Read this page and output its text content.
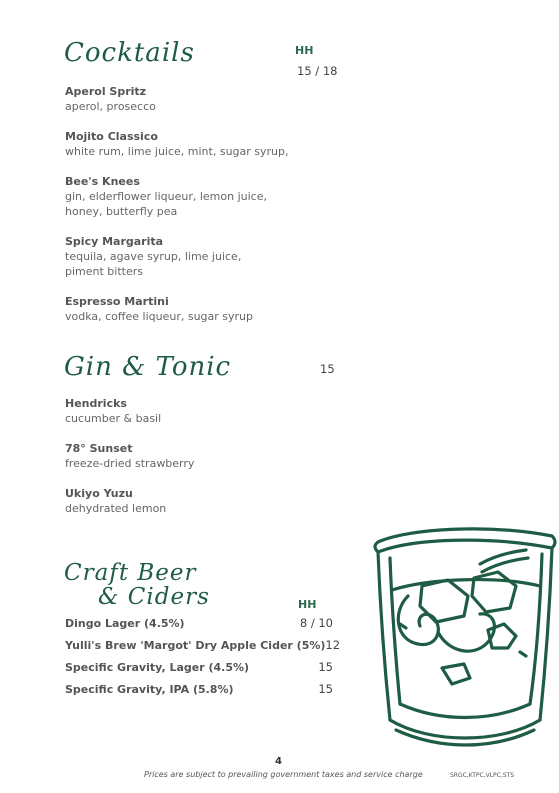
Cocktails	HH
15 / 18
Aperol Spritz
aperol, prosecco
Mojito Classico
white rum, lime juice, mint, sugar syrup,
Bee's Knees
gin, elderflower liqueur, lemon juice, honey, butterfly pea
Spicy Margarita
tequila, agave syrup, lime juice, piment bitters
Espresso Martini
vodka, coffee liqueur, sugar syrup
Gin & Tonic	15
Hendricks
cucumber & basil
78° Sunset
freeze-dried strawberry
Ukiyo Yuzu
dehydrated lemon
Craft Beer
& Ciders	HH
Dingo Lager (4.5%)	8 / 10
Yulli's Brew 'Margot' Dry Apple Cider (5%) 12
Specific Gravity, Lager (4.5%)	15
Specific Gravity, IPA (5.8%)	15
4
Prices are subject to prevailing government taxes and service charge	SRGC,KTPC,VLPC,STS
